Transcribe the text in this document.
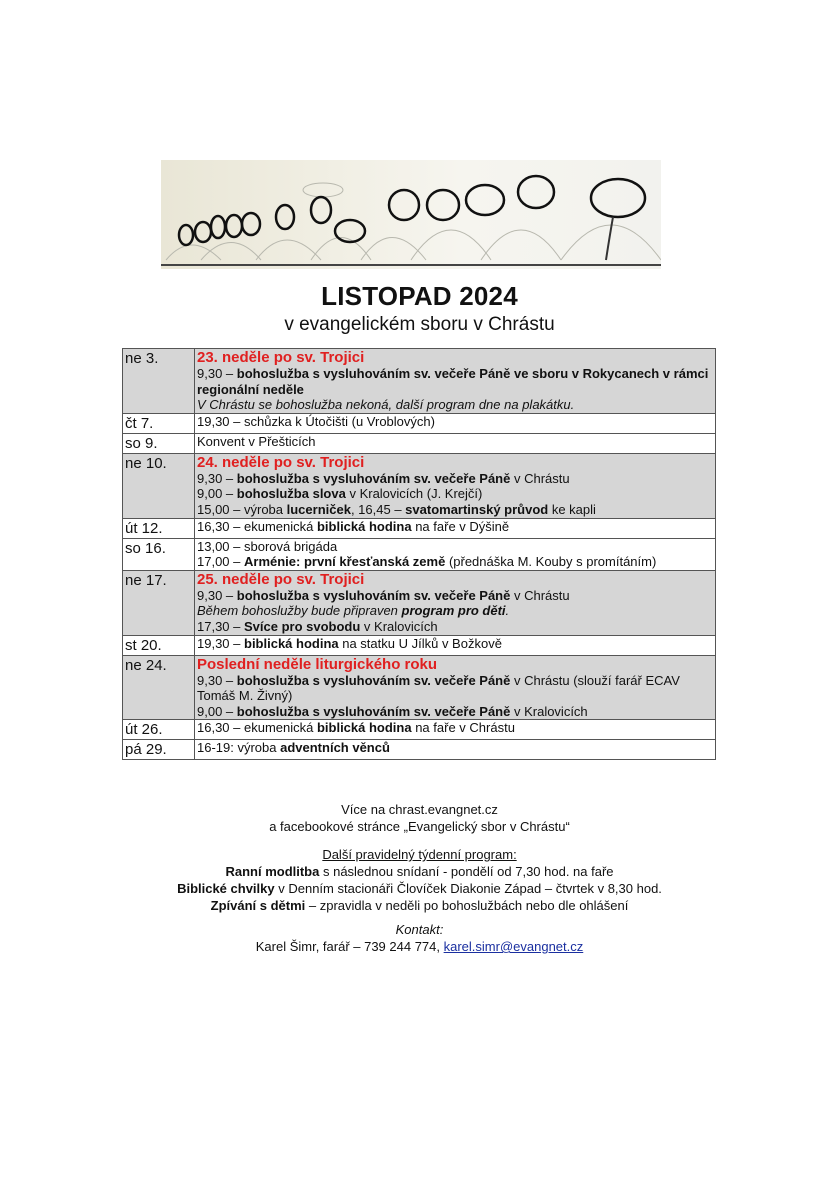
LISTOPAD 2024
v evangelickém sboru v Chrástu
ne 3.	23. neděle po sv. Trojici
9,30 – bohoslužba s vysluhováním sv. večeře Páně ve sboru v Rokycanech v rámci regionální neděle
V Chrástu se bohoslužba nekoná, další program dne na plakátku.

čt 7.	19,30 – schůzka k Útočišti (u Vroblových)

so 9.	Konvent v Přešticích

ne 10.	24. neděle po sv. Trojici
9,30 – bohoslužba s vysluhováním sv. večeře Páně v Chrástu
9,00 – bohoslužba slova v Kralovicích (J. Krejčí)
15,00 – výroba lucerniček, 16,45 – svatomartinský průvod ke kapli

út 12.	16,30 – ekumenická biblická hodina na faře v Dýšině

so 16.	13,00 – sborová brigáda
17,00 – Arménie: první křesťanská země (přednáška M. Kouby s promítáním)

ne 17.	25. neděle po sv. Trojici
9,30 – bohoslužba s vysluhováním sv. večeře Páně v Chrástu
Během bohoslužby bude připraven program pro děti.
17,30 – Svíce pro svobodu v Kralovicích

st 20.	19,30 – biblická hodina na statku U Jílků v Božkově

ne 24.	Poslední neděle liturgického roku
9,30 – bohoslužba s vysluhováním sv. večeře Páně v Chrástu (slouží farář ECAV Tomáš M. Živný)
9,00 – bohoslužba s vysluhováním sv. večeře Páně v Kralovicích

út 26.	16,30 – ekumenická biblická hodina na faře v Chrástu

pá 29.	16-19: výroba adventních věnců
Více na chrast.evangnet.cz
a facebookové stránce „Evangelický sbor v Chrástu“
Další pravidelný týdenní program:
Ranní modlitba s následnou snídaní - pondělí od 7,30 hod. na faře
Biblické chvilky v Denním stacionáři Človíček Diakonie Západ – čtvrtek v 8,30 hod.
Zpívání s dětmi – zpravidla v neděli po bohoslužbách nebo dle ohlášení
Kontakt:
Karel Šimr, farář – 739 244 774, karel.simr@evangnet.cz
